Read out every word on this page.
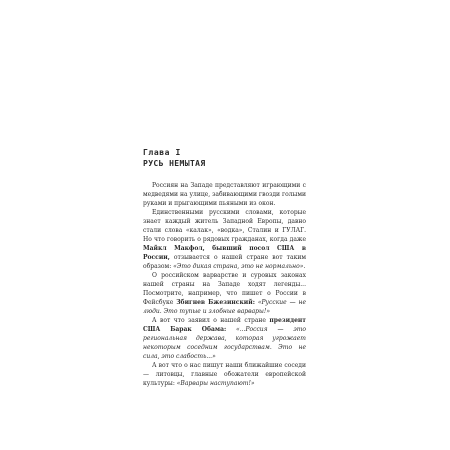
Глава I

РУСЬ НЕМЫТАЯ

Россиян на Западе представляют играющими с медведями на улице, забивающими гвозди голыми руками и прыгающими пьяными из окон.

Единственными русскими словами, которые знает каждый житель Западной Европы, давно стали слова «калак», «водка», Сталин и ГУЛАГ. Но что говорить о рядовых гражданах, когда даже Майкл Макфол, бывший посол США в России, отзывается о нашей стране вот таким образом: «Это дикая страна, это не нормально».

О российском варварстве и суровых законах нашей страны на Западе ходят легенды... Посмотрите, например, что пишет о России в Фейсбуке Збигнев Бжезинский: «Русские — не люди. Это тупые и злобные варвары!»

А вот что заявил о нашей стране президент США Барак Обама: «...Россия — это региональная держава, которая угрожает некоторым соседним государствам. Это не сила, это слабость...»

А вот что о нас пишут наши ближайшие соседи — литовцы, главные обожатели европейской культуры: «Варвары наступают!»
